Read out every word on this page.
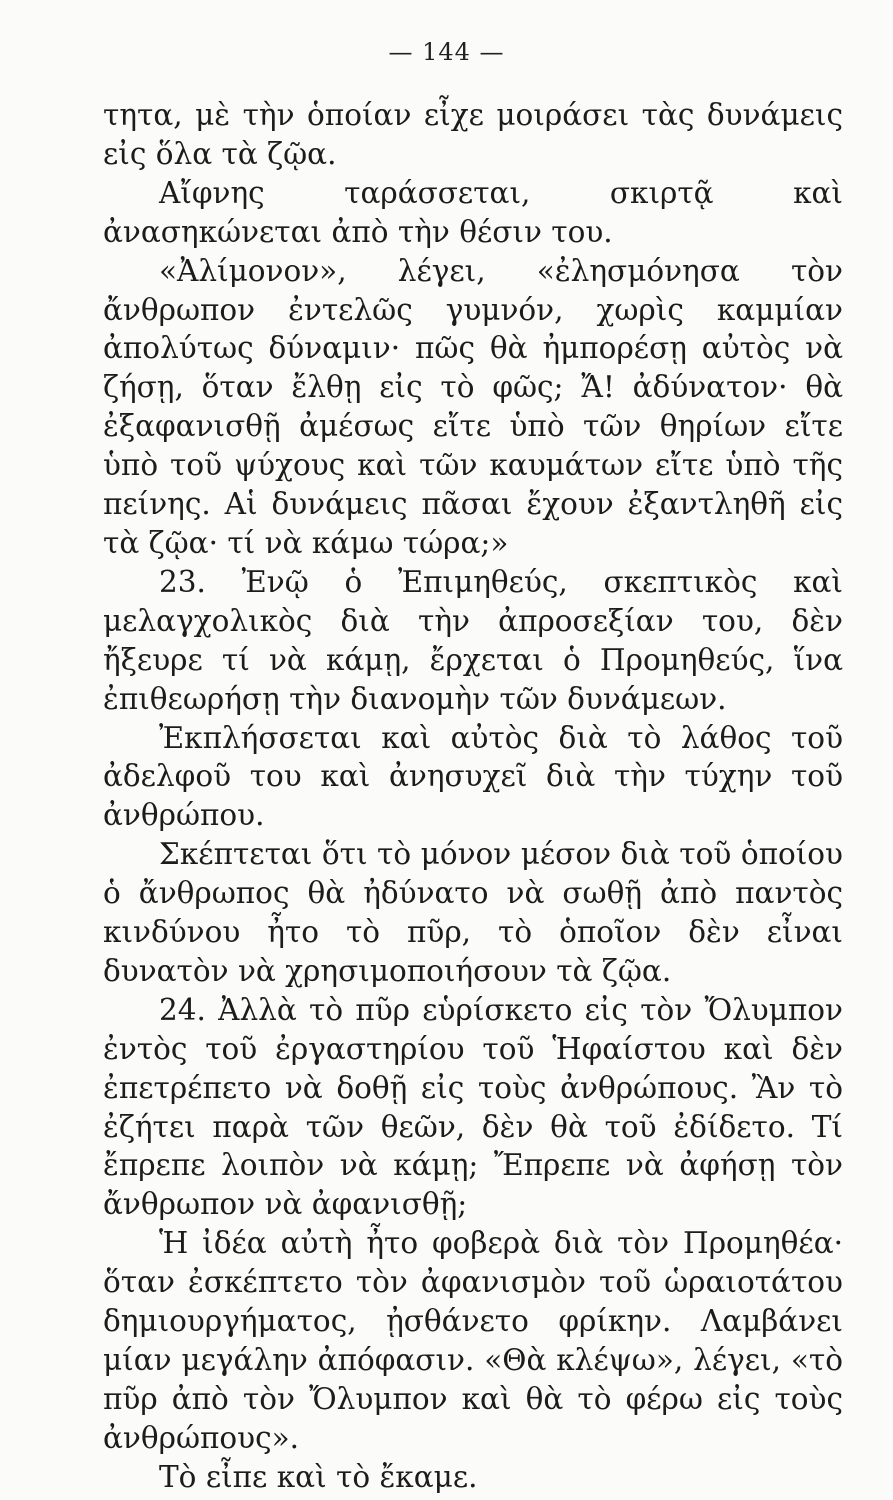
— 144 —

τητα, μὲ τὴν ὁποίαν εἶχε μοιράσει τὰς δυνάμεις εἰς ὅλα τὰ ζῷα.

Αἴφνης ταράσσεται, σκιρτᾷ καὶ ἀνασηκώνεται ἀπὸ τὴν θέσιν του.

«Ἀλίμονον», λέγει, «ἐλησμόνησα τὸν ἄνθρωπον ἐντελῶς γυμνόν, χωρὶς καμμίαν ἀπολύτως δύναμιν· πῶς θὰ ἠμπορέσῃ αὐτὸς νὰ ζήσῃ, ὅταν ἔλθῃ εἰς τὸ φῶς; Ἄ! ἀδύνατον· θὰ ἐξαφανισθῇ ἀμέσως εἴτε ὑπὸ τῶν θηρίων εἴτε ὑπὸ τοῦ ψύχους καὶ τῶν καυμάτων εἴτε ὑπὸ τῆς πείνης. Αἱ δυνάμεις πᾶσαι ἔχουν ἐξαντληθῆ εἰς τὰ ζῷα· τί νὰ κάμω τώρα;»

23. Ἐνῷ ὁ Ἐπιμηθεύς, σκεπτικὸς καὶ μελαγχολικὸς διὰ τὴν ἀπροσεξίαν του, δὲν ἤξευρε τί νὰ κάμῃ, ἔρχεται ὁ Προμηθεύς, ἵνα ἐπιθεωρήσῃ τὴν διανομὴν τῶν δυνάμεων.

Ἐκπλήσσεται καὶ αὐτὸς διὰ τὸ λάθος τοῦ ἀδελφοῦ του καὶ ἀνησυχεῖ διὰ τὴν τύχην τοῦ ἀνθρώπου.

Σκέπτεται ὅτι τὸ μόνον μέσον διὰ τοῦ ὁποίου ὁ ἄνθρωπος θὰ ἠδύνατο νὰ σωθῇ ἀπὸ παντὸς κινδύνου ἦτο τὸ πῦρ, τὸ ὁποῖον δὲν εἶναι δυνατὸν νὰ χρησιμοποιήσουν τὰ ζῷα.

24. Ἀλλὰ τὸ πῦρ εὑρίσκετο εἰς τὸν Ὄλυμπον ἐντὸς τοῦ ἐργαστηρίου τοῦ Ἡφαίστου καὶ δὲν ἐπετρέπετο νὰ δοθῇ εἰς τοὺς ἀνθρώπους. Ἂν τὸ ἐζήτει παρὰ τῶν θεῶν, δὲν θὰ τοῦ ἐδίδετο. Τί ἔπρεπε λοιπὸν νὰ κάμῃ; Ἔπρεπε νὰ ἀφήσῃ τὸν ἄνθρωπον νὰ ἀφανισθῇ;

Ἡ ἰδέα αὐτὴ ἦτο φοβερὰ διὰ τὸν Προμηθέα· ὅταν ἐσκέπτετο τὸν ἀφανισμὸν τοῦ ὡραιοτάτου δημιουργήματος, ᾐσθάνετο φρίκην. Λαμβάνει μίαν μεγάλην ἀπόφασιν. «Θὰ κλέψω», λέγει, «τὸ πῦρ ἀπὸ τὸν Ὄλυμπον καὶ θὰ τὸ φέρω εἰς τοὺς ἀνθρώπους».

Τὸ εἶπε καὶ τὸ ἔκαμε.
